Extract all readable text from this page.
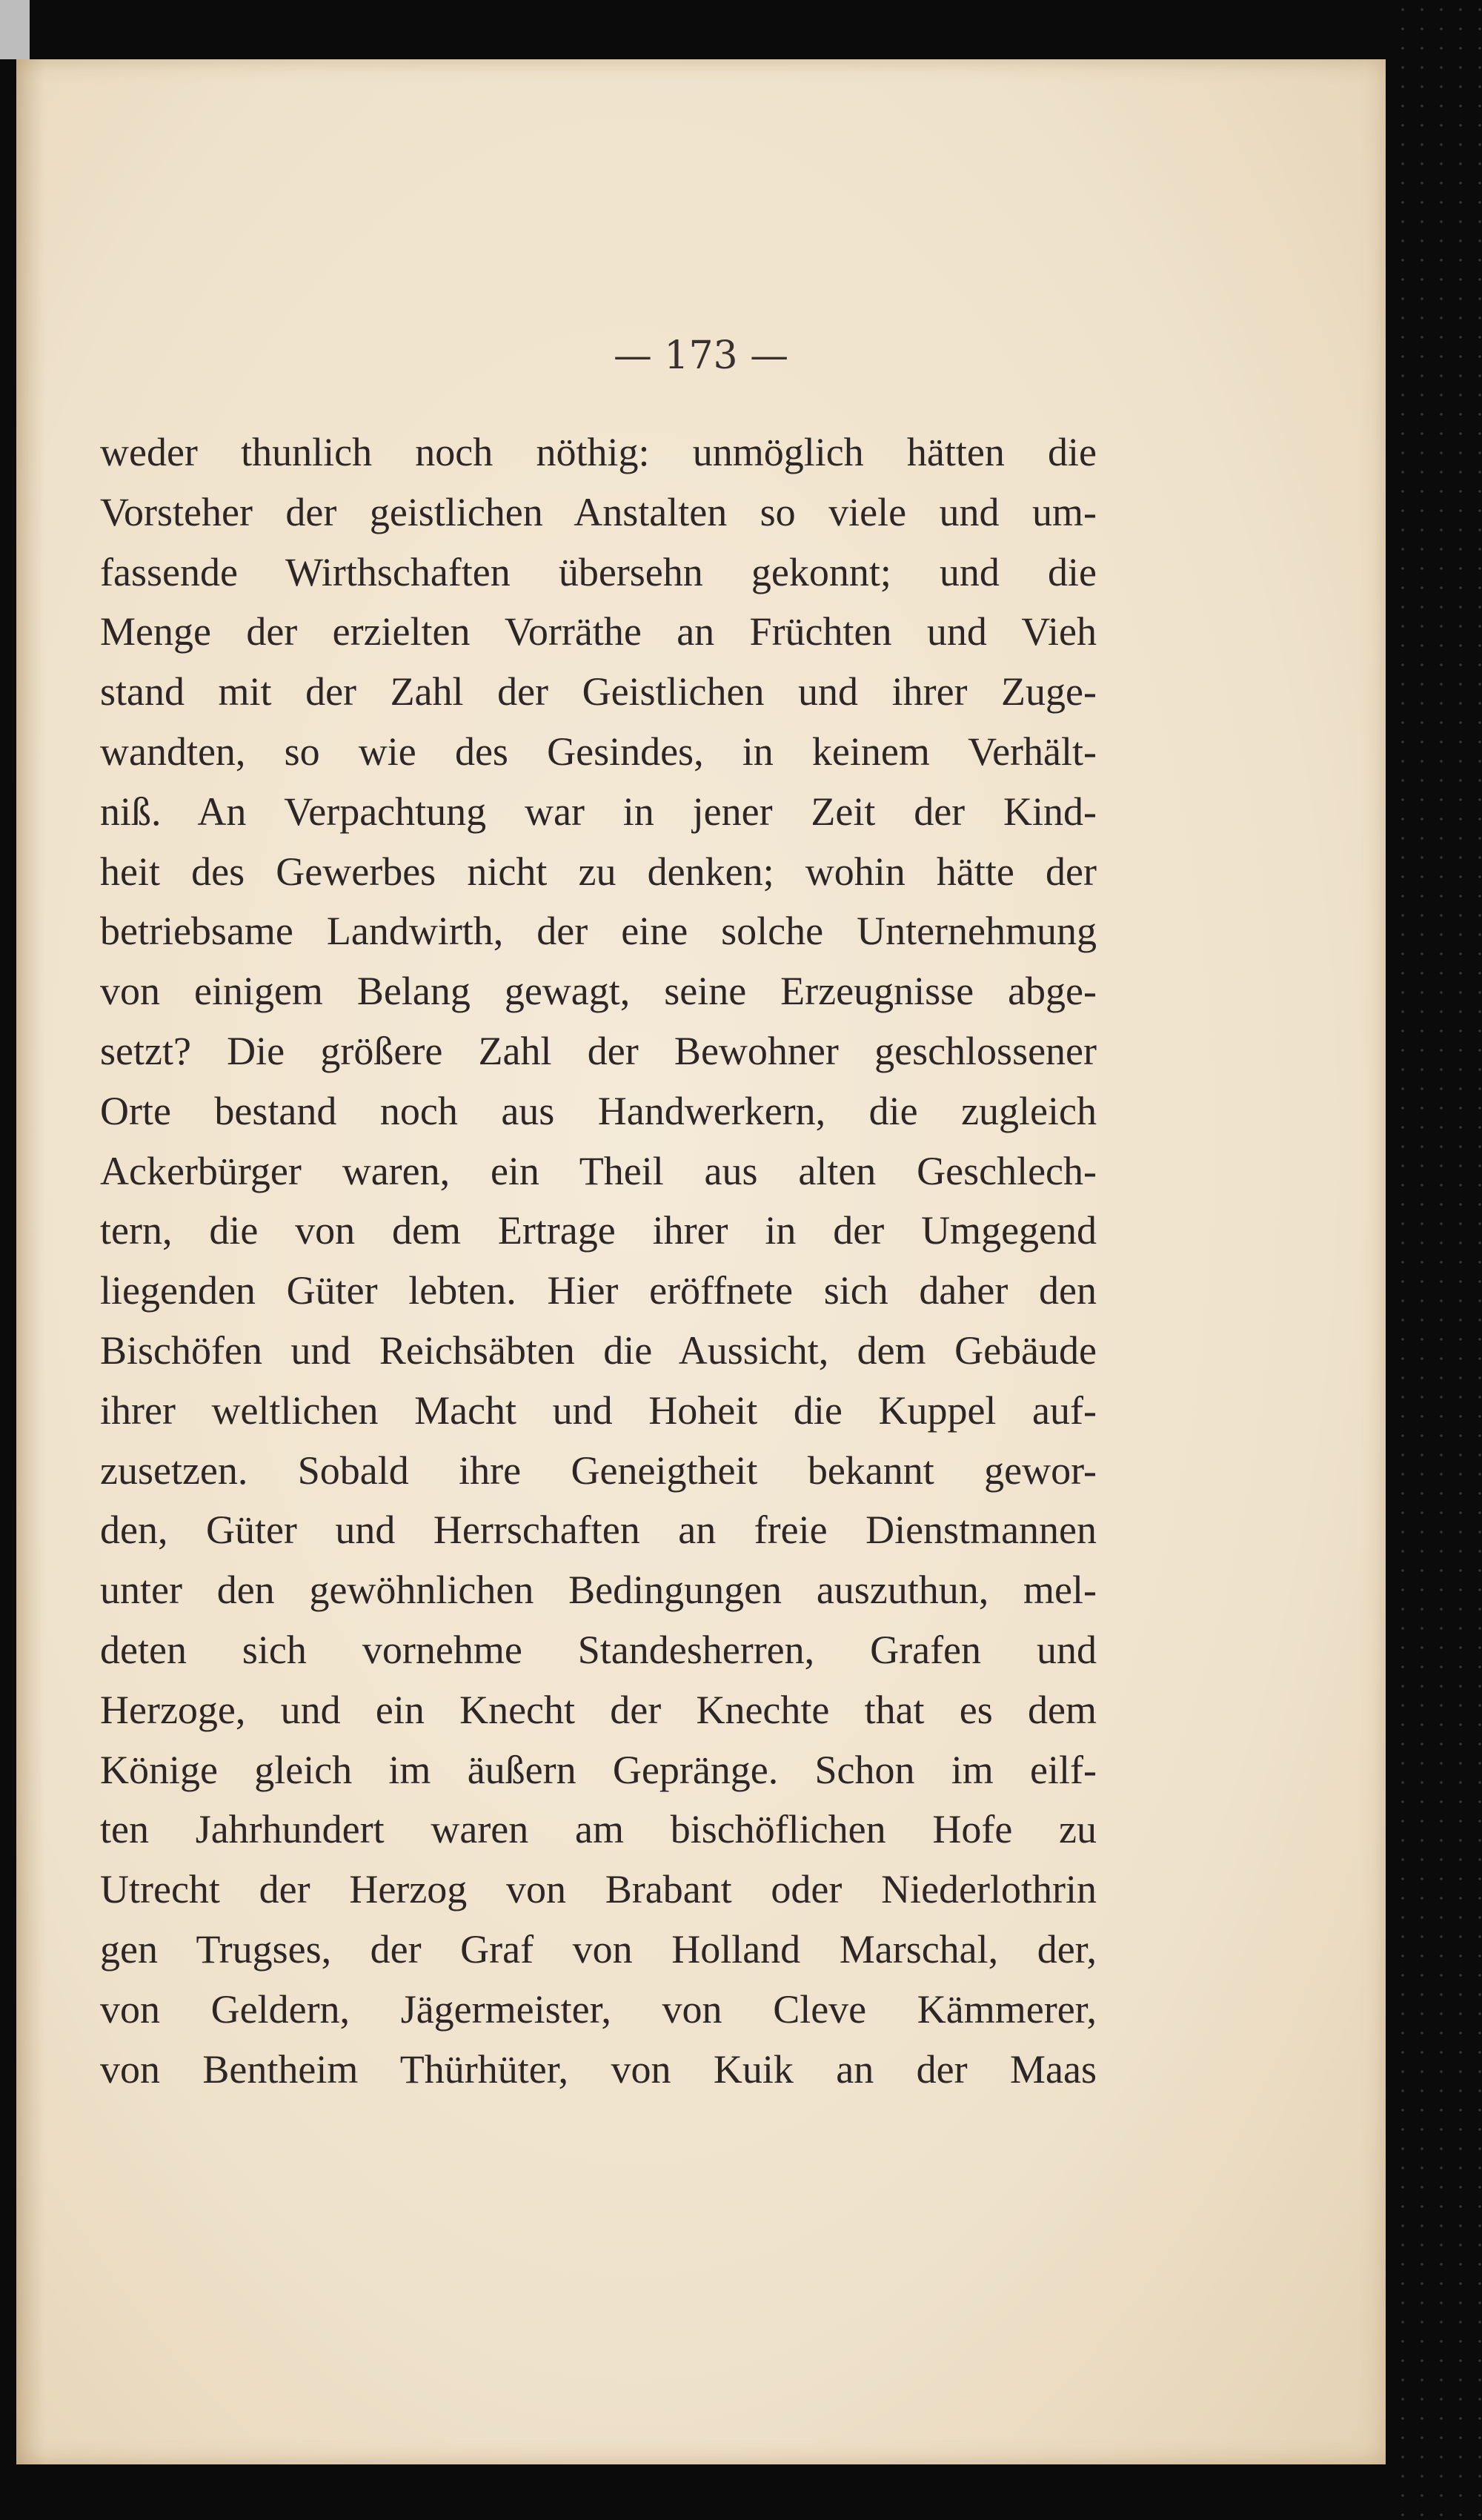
— 173 —
weder thunlich noch nöthig: unmöglich hätten die
Vorsteher der geistlichen Anstalten so viele und um-
fassende Wirthschaften übersehn gekonnt; und die
Menge der erzielten Vorräthe an Früchten und Vieh
stand mit der Zahl der Geistlichen und ihrer Zuge-
wandten, so wie des Gesindes, in keinem Verhält-
niß. An Verpachtung war in jener Zeit der Kind-
heit des Gewerbes nicht zu denken; wohin hätte der
betriebsame Landwirth, der eine solche Unternehmung
von einigem Belang gewagt, seine Erzeugnisse abge-
setzt? Die größere Zahl der Bewohner geschlossener
Orte bestand noch aus Handwerkern, die zugleich
Ackerbürger waren, ein Theil aus alten Geschlech-
tern, die von dem Ertrage ihrer in der Umgegend
liegenden Güter lebten. Hier eröffnete sich daher den
Bischöfen und Reichsäbten die Aussicht, dem Gebäude
ihrer weltlichen Macht und Hoheit die Kuppel auf-
zusetzen. Sobald ihre Geneigtheit bekannt gewor-
den, Güter und Herrschaften an freie Dienstmannen
unter den gewöhnlichen Bedingungen auszuthun, mel-
deten sich vornehme Standesherren, Grafen und
Herzoge, und ein Knecht der Knechte that es dem
Könige gleich im äußern Gepränge. Schon im eilf-
ten Jahrhundert waren am bischöflichen Hofe zu
Utrecht der Herzog von Brabant oder Niederlothrin
gen Trugses, der Graf von Holland Marschal, der,
von Geldern, Jägermeister, von Cleve Kämmerer,
von Bentheim Thürhüter, von Kuik an der Maas
